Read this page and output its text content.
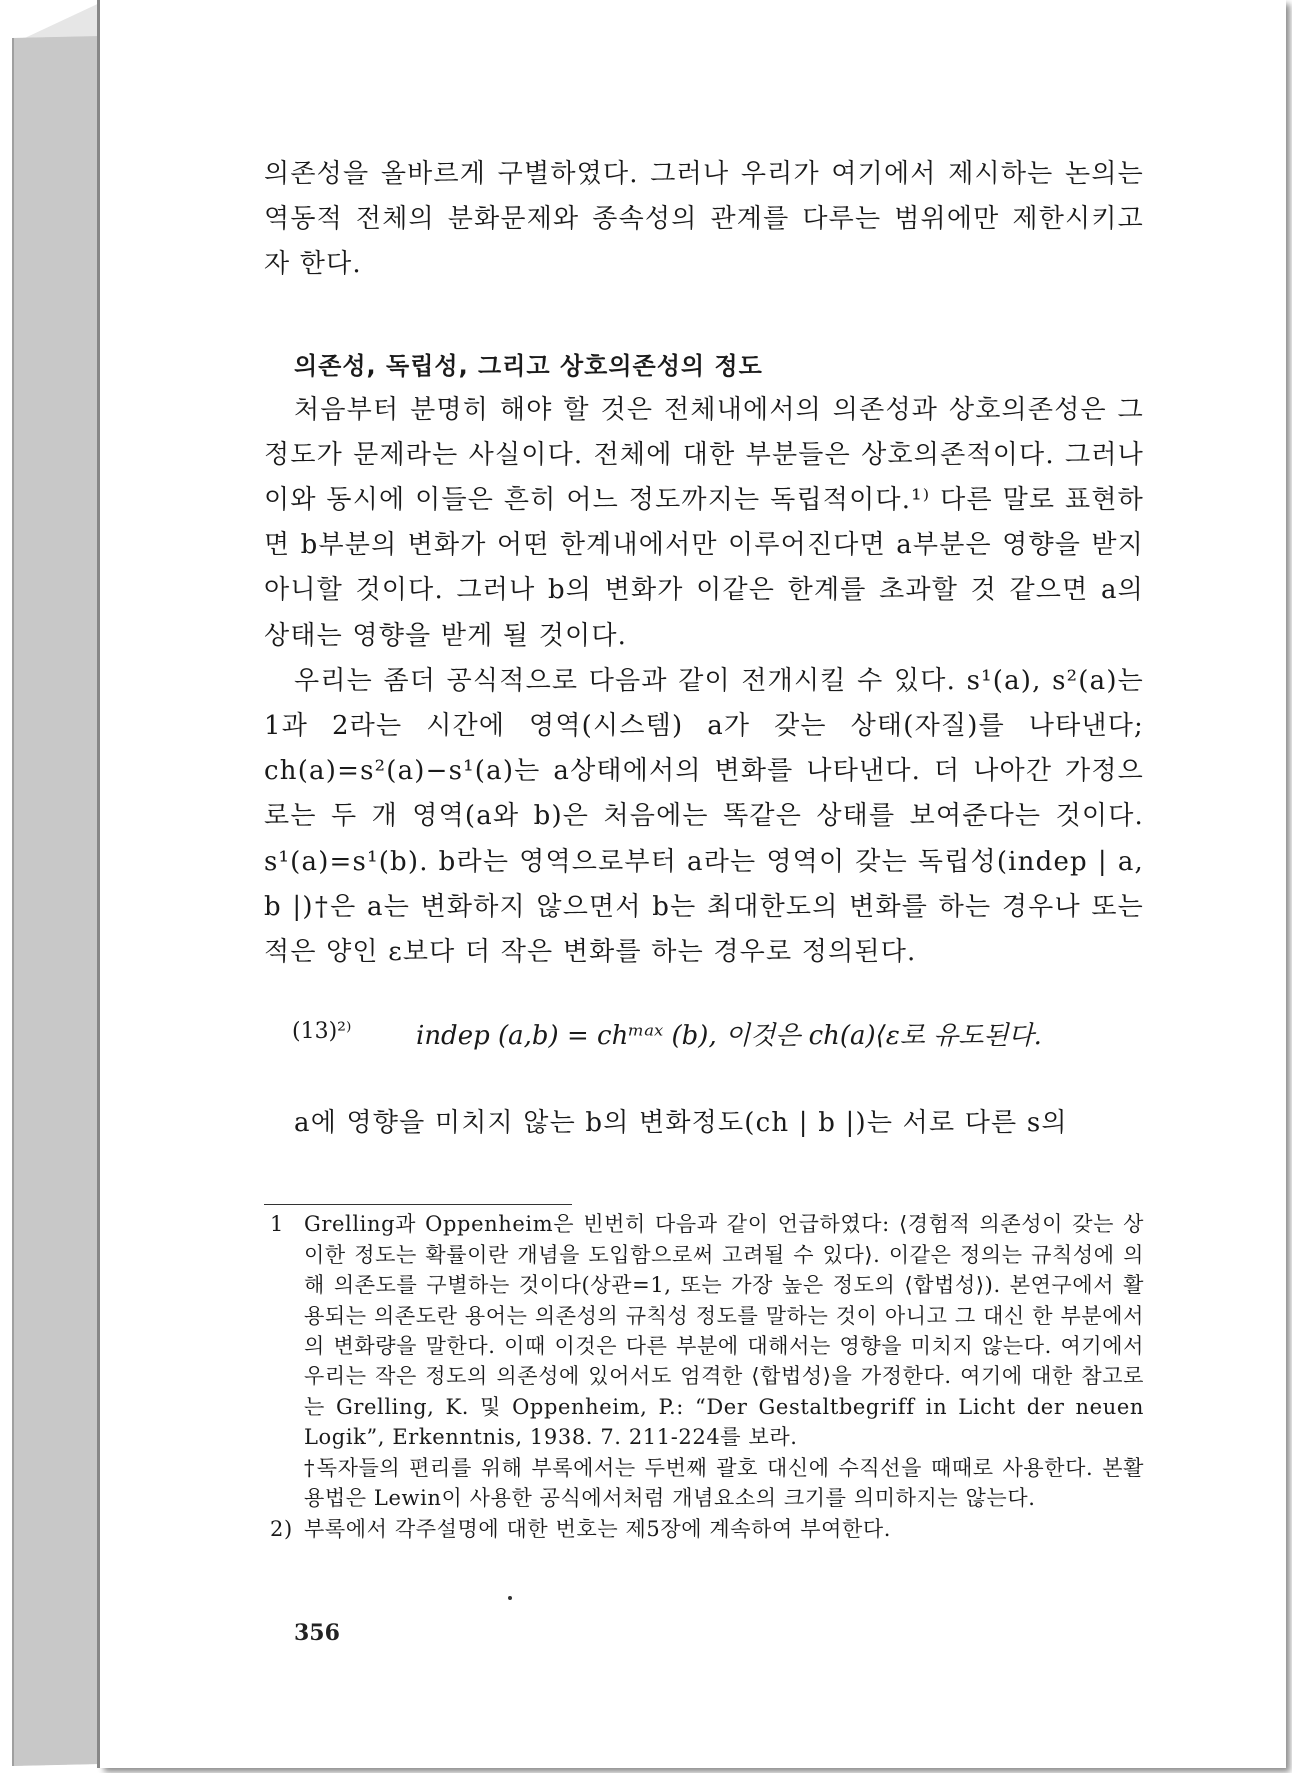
의존성을 올바르게 구별하였다. 그러나 우리가 여기에서 제시하는 논의는 역동적 전체의 분화문제와 종속성의 관계를 다루는 범위에만 제한시키고자 한다.

의존성, 독립성, 그리고 상호의존성의 정도

처음부터 분명히 해야 할 것은 전체내에서의 의존성과 상호의존성은 그 정도가 문제라는 사실이다. 전체에 대한 부분들은 상호의존적이다. 그러나 이와 동시에 이들은 흔히 어느 정도까지는 독립적이다.¹⁾ 다른 말로 표현하면 b부분의 변화가 어떤 한계내에서만 이루어진다면 a부분은 영향을 받지 아니할 것이다. 그러나 b의 변화가 이같은 한계를 초과할 것 같으면 a의 상태는 영향을 받게 될 것이다.

우리는 좀더 공식적으로 다음과 같이 전개시킬 수 있다. s¹(a), s²(a)는 1과 2라는 시간에 영역(시스템) a가 갖는 상태(자질)를 나타낸다; ch(a)=s²(a)−s¹(a)는 a상태에서의 변화를 나타낸다. 더 나아간 가정으로는 두 개 영역(a와 b)은 처음에는 똑같은 상태를 보여준다는 것이다. s¹(a)=s¹(b). b라는 영역으로부터 a라는 영역이 갖는 독립성(indep | a, b |)†은 a는 변화하지 않으면서 b는 최대한도의 변화를 하는 경우나 또는 적은 양인 ε보다 더 작은 변화를 하는 경우로 정의된다.

(13)²⁾ indep (a,b) = chᵐᵃˣ (b), 이것은 ch(a)⟨ε로 유도된다.

a에 영향을 미치지 않는 b의 변화정도(ch | b |)는 서로 다른 s의

1 Grelling과 Oppenheim은 빈번히 다음과 같이 언급하였다: ⟨경험적 의존성이 갖는 상이한 정도는 확률이란 개념을 도입함으로써 고려될 수 있다⟩. 이같은 정의는 규칙성에 의해 의존도를 구별하는 것이다(상관=1, 또는 가장 높은 정도의 ⟨합법성⟩). 본연구에서 활용되는 의존도란 용어는 의존성의 규칙성 정도를 말하는 것이 아니고 그 대신 한 부분에서의 변화량을 말한다. 이때 이것은 다른 부분에 대해서는 영향을 미치지 않는다. 여기에서 우리는 작은 정도의 의존성에 있어서도 엄격한 ⟨합법성⟩을 가정한다. 여기에 대한 참고로는 Grelling, K. 및 Oppenheim, P.: “Der Gestaltbegriff in Licht der neuen Logik”, Erkenntnis, 1938. 7. 211-224를 보라.

†독자들의 편리를 위해 부록에서는 두번째 괄호 대신에 수직선을 때때로 사용한다. 본활용법은 Lewin이 사용한 공식에서처럼 개념요소의 크기를 의미하지는 않는다.

2) 부록에서 각주설명에 대한 번호는 제5장에 계속하여 부여한다.

356
